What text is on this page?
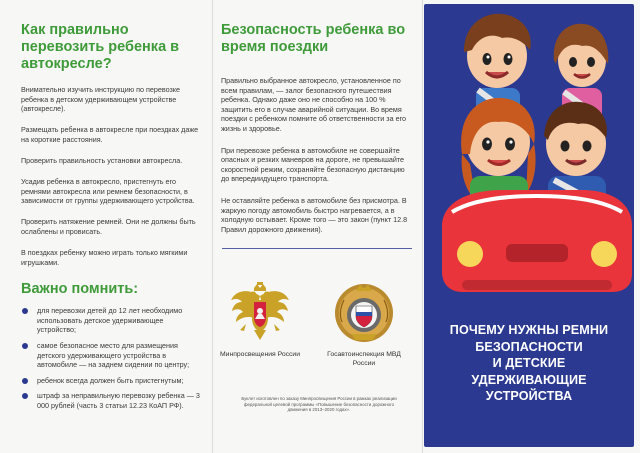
Как правильно перевозить ребенка в автокресле?

Внимательно изучить инструкцию по перевозке ребенка в детском удерживающем устройстве (автокресле).

Размещать ребенка в автокресле при поездках даже на короткие расстояния.

Проверить правильность установки автокресла.

Усадив ребенка в автокресло, пристегнуть его ремнями автокресла или ремнем безопасности, в зависимости от группы удерживающего устройства.

Проверить натяжение ремней. Они не должны быть ослаблены и провисать.

В поездках ребенку можно играть только мягкими игрушками.

Важно помнить:
для перевозки детей до 12 лет необходимо использовать детское удерживающее устройство;
самое безопасное место для размещения детского удерживающего устройства в автомобиле — на заднем сидении по центру;
ребенок всегда должен быть пристегнутым;
штраф за неправильную перевозку ребенка — 3 000 рублей (часть 3 статьи 12.23 КоАП РФ).
Безопасность ребенка во время поездки

Правильно выбранное автокресло, установленное по всем правилам, — залог безопасного путешествия ребенка. Однако даже оно не способно на 100 % защитить его в случае аварийной ситуации. Во время поездки с ребенком помните об ответственности за его жизнь и здоровье.

При перевозке ребенка в автомобиле не совершайте опасных и резких маневров на дороге, не превышайте скоростной режим, сохраняйте безопасную дистанцию до впередиидущего транспорта.

Не оставляйте ребенка в автомобиле без присмотра. В жаркую погоду автомобиль быстро нагревается, а в холодную остывает. Кроме того — это закон (пункт 12.8 Правил дорожного движения).

Минпросвещения России	Госавтоинспекция МВД России
Буклет изготовлен по заказу Минпросвещения России в рамках реализации федеральной целевой программы «Повышение безопасности дорожного движения в 2013–2020 годах».
ПОЧЕМУ НУЖНЫ РЕМНИ
БЕЗОПАСНОСТИ
И ДЕТСКИЕ
УДЕРЖИВАЮЩИЕ
УСТРОЙСТВА
